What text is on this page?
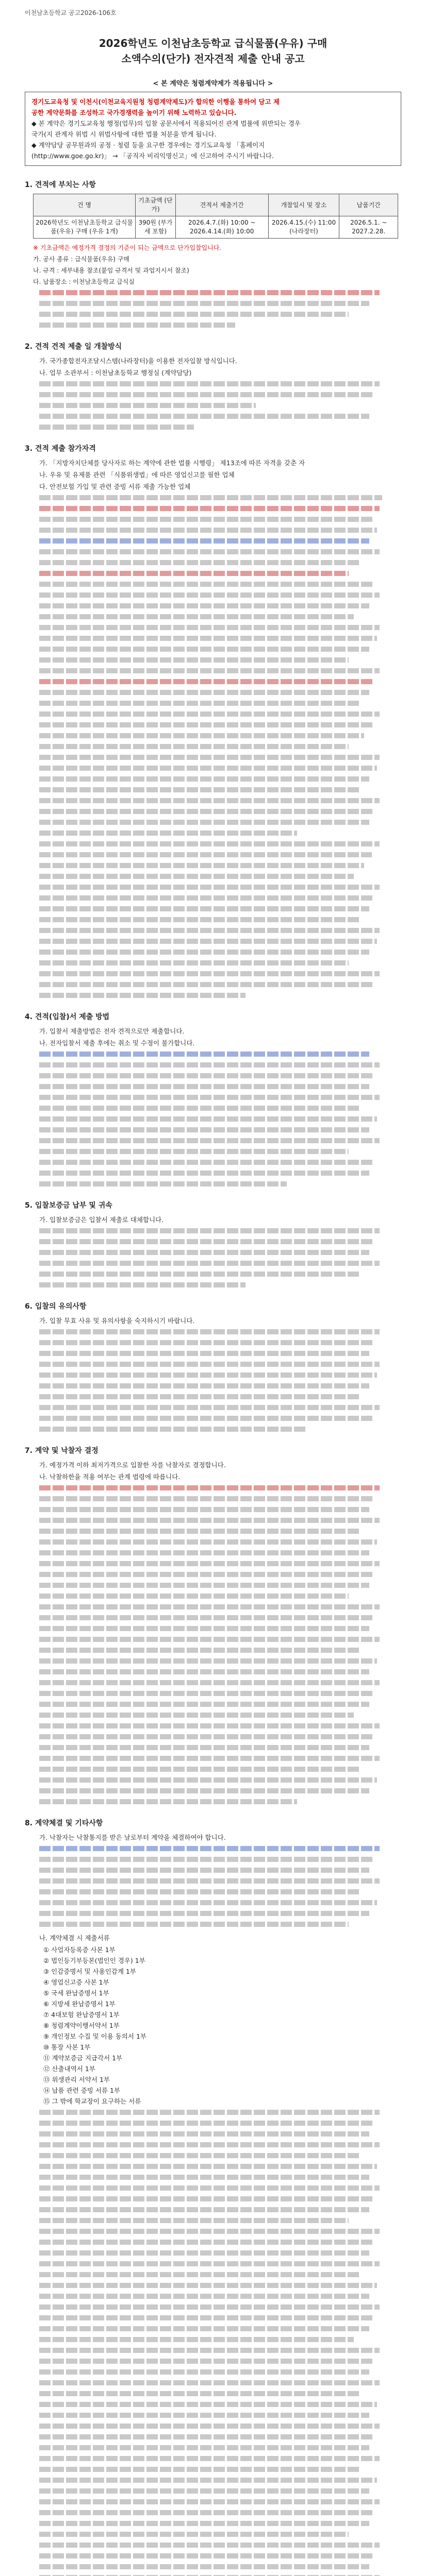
이천남초등학교 공고2026-106호
2026학년도 이천남초등학교 급식물품(우유) 구매
소액수의(단가) 전자견적 제출 안내 공고
< 본 계약은 청렴계약제가 적용됩니다 >

경기도교육청 및 이천시(이천교육지원청 청렴계약제도)가 합의한 이행을 통하여 담고 제

공한 계약문화를 조성하고 국가경쟁력을 높이기 위해 노력하고 있습니다.

◆ 본 계약은 경기도교육청 행정(업무)의 입찰 공문서에서 적용되어진 관계 법률에 위반되는 경우

국가(지 관계자 위법 시 위법사항에 대한 법률 처분을 받게 됩니다.

◆ 계약담당 공무원과의 공정 · 청렴 등을 요구한 경우에는 경기도교육청 「홈페이지

(http://www.goe.go.kr)」 → 「공직자 비리익명신고」에 신고하여 주시기 바랍니다.

1. 견적에 부치는 사항
건 명	기초금액 (단가)	견적서 제출기간	개찰일시 및 장소	납품기간
2026학년도 이천남초등학교 급식물품(우유) 구매 (우유 1개)	390원 (부가세 포함)	2026.4.7.(화) 10:00 ~ 2026.4.14.(화) 10:00	2026.4.15.(수) 11:00 (나라장터)	2026.5.1. ~ 2027.2.28.
※ 기초금액은 예정가격 결정의 기준이 되는 금액으로 단가입찰입니다.
가. 공사 종류 : 급식물품(우유) 구매
나. 규격 : 세부내용 참조(붙임 규격서 및 과업지시서 참조)
다. 납품장소 : 이천남초등학교 급식실
2. 견적 견적 제출 일 개찰방식
가. 국가종합전자조달시스템(나라장터)을 이용한 전자입찰 방식입니다.
나. 업무 소관부서 : 이천남초등학교 행정실 (계약담당)
3. 견적 제출 참가자격
가. 「지방자치단체를 당사자로 하는 계약에 관한 법률 시행령」 제13조에 따른 자격을 갖춘 자
나. 우유 및 유제품 관련 「식품위생법」에 따른 영업신고를 필한 업체
다. 안전보험 가입 및 관련 증빙 서류 제출 가능한 업체
4. 견적(입찰)서 제출 방법
가. 입찰서 제출방법은 전자 견적으로만 제출합니다.
나. 전자입찰서 제출 후에는 취소 및 수정이 불가합니다.
5. 입찰보증금 납부 및 귀속
가. 입찰보증금은 입찰서 제출로 대체합니다.
6. 입찰의 유의사항
가. 입찰 무효 사유 및 유의사항을 숙지하시기 바랍니다.
7. 계약 및 낙찰자 결정
가. 예정가격 이하 최저가격으로 입찰한 자를 낙찰자로 결정합니다.
나. 낙찰하한율 적용 여부는 관계 법령에 따릅니다.
8. 계약체결 및 기타사항
가. 낙찰자는 낙찰통지를 받은 날로부터 계약을 체결하여야 합니다.
나. 계약체결 시 제출서류
① 사업자등록증 사본 1부
② 법인등기부등본(법인인 경우) 1부
③ 인감증명서 및 사용인감계 1부
④ 영업신고증 사본 1부
⑤ 국세 완납증명서 1부
⑥ 지방세 완납증명서 1부
⑦ 4대보험 완납증명서 1부
⑧ 청렴계약이행서약서 1부
⑨ 개인정보 수집 및 이용 동의서 1부
⑩ 통장 사본 1부
⑪ 계약보증금 지급각서 1부
⑫ 산출내역서 1부
⑬ 위생관리 서약서 1부
⑭ 납품 관련 증빙 서류 1부
⑮ 그 밖에 학교장이 요구하는 서류
